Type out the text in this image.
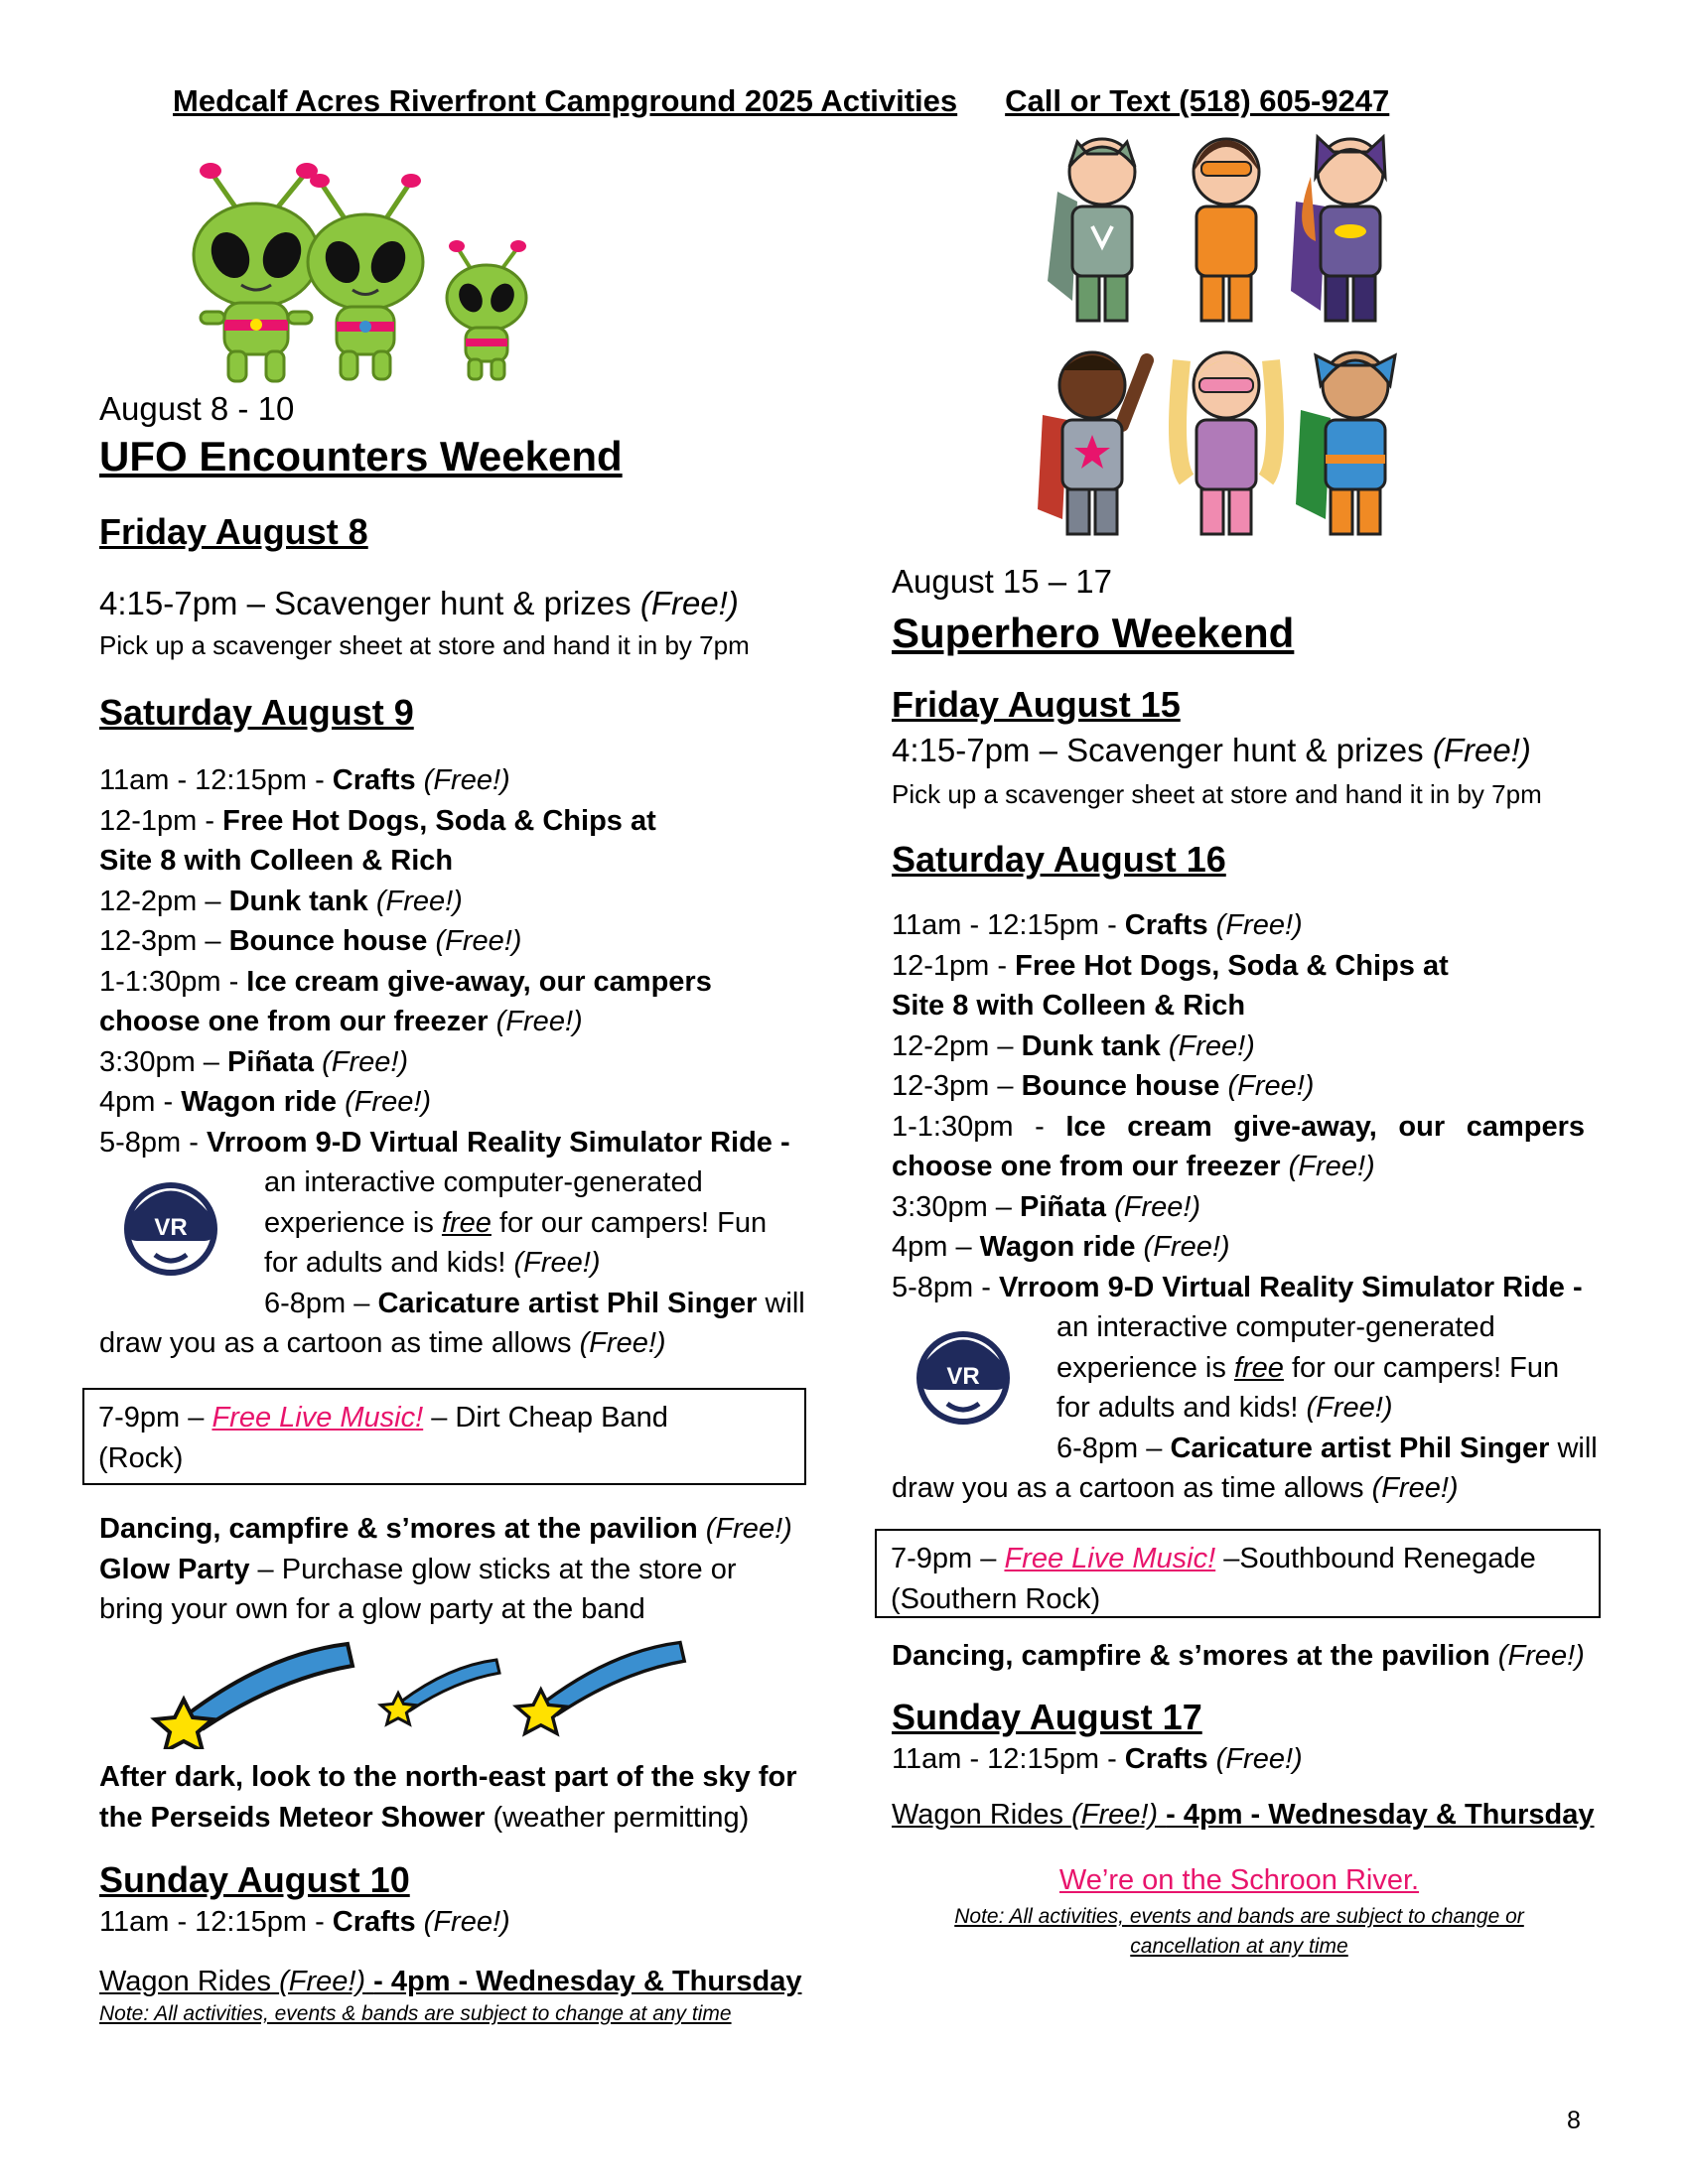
Medcalf Acres Riverfront Campground 2025 Activities Call or Text (518) 605-9247
August 8 - 10
UFO Encounters Weekend
Friday August 8
4:15-7pm – Scavenger hunt & prizes (Free!)
Pick up a scavenger sheet at store and hand it in by 7pm
Saturday August 9
11am - 12:15pm - Crafts (Free!)
12-1pm - Free Hot Dogs, Soda & Chips at
Site 8 with Colleen & Rich
12-2pm – Dunk tank (Free!)
12-3pm – Bounce house (Free!)
1-1:30pm - Ice cream give-away, our campers
choose one from our freezer (Free!)
3:30pm – Piñata (Free!)
4pm - Wagon ride (Free!)
5-8pm - Vrroom 9-D Virtual Reality Simulator Ride -
an interactive computer-generated
experience is free for our campers! Fun
for adults and kids! (Free!)
6-8pm – Caricature artist Phil Singer will
draw you as a cartoon as time allows (Free!)
VR
7-9pm – Free Live Music! – Dirt Cheap Band
(Rock)
Dancing, campfire & s’mores at the pavilion (Free!)
Glow Party – Purchase glow sticks at the store or
bring your own for a glow party at the band
After dark, look to the north-east part of the sky for
the Perseids Meteor Shower (weather permitting)
Sunday August 10
11am - 12:15pm - Crafts (Free!)
Wagon Rides (Free!) - 4pm - Wednesday & Thursday
Note: All activities, events & bands are subject to change at any time
August 15 – 17
Superhero Weekend
Friday August 15
4:15-7pm – Scavenger hunt & prizes (Free!)
Pick up a scavenger sheet at store and hand it in by 7pm
Saturday August 16
11am - 12:15pm - Crafts (Free!)
12-1pm - Free Hot Dogs, Soda & Chips at
Site 8 with Colleen & Rich
12-2pm – Dunk tank (Free!)
12-3pm – Bounce house (Free!)
1-1:30pm - Ice cream give-away, our campers
choose one from our freezer (Free!)
3:30pm – Piñata (Free!)
4pm – Wagon ride (Free!)
5-8pm - Vrroom 9-D Virtual Reality Simulator Ride -
an interactive computer-generated
experience is free for our campers! Fun
for adults and kids! (Free!)
6-8pm – Caricature artist Phil Singer will
draw you as a cartoon as time allows (Free!)
VR
7-9pm – Free Live Music! –Southbound Renegade
(Southern Rock)
Dancing, campfire & s’mores at the pavilion (Free!)
Sunday August 17
11am - 12:15pm - Crafts (Free!)
Wagon Rides (Free!) - 4pm - Wednesday & Thursday
We’re on the Schroon River.
Note: All activities, events and bands are subject to change or
cancellation at any time
8
